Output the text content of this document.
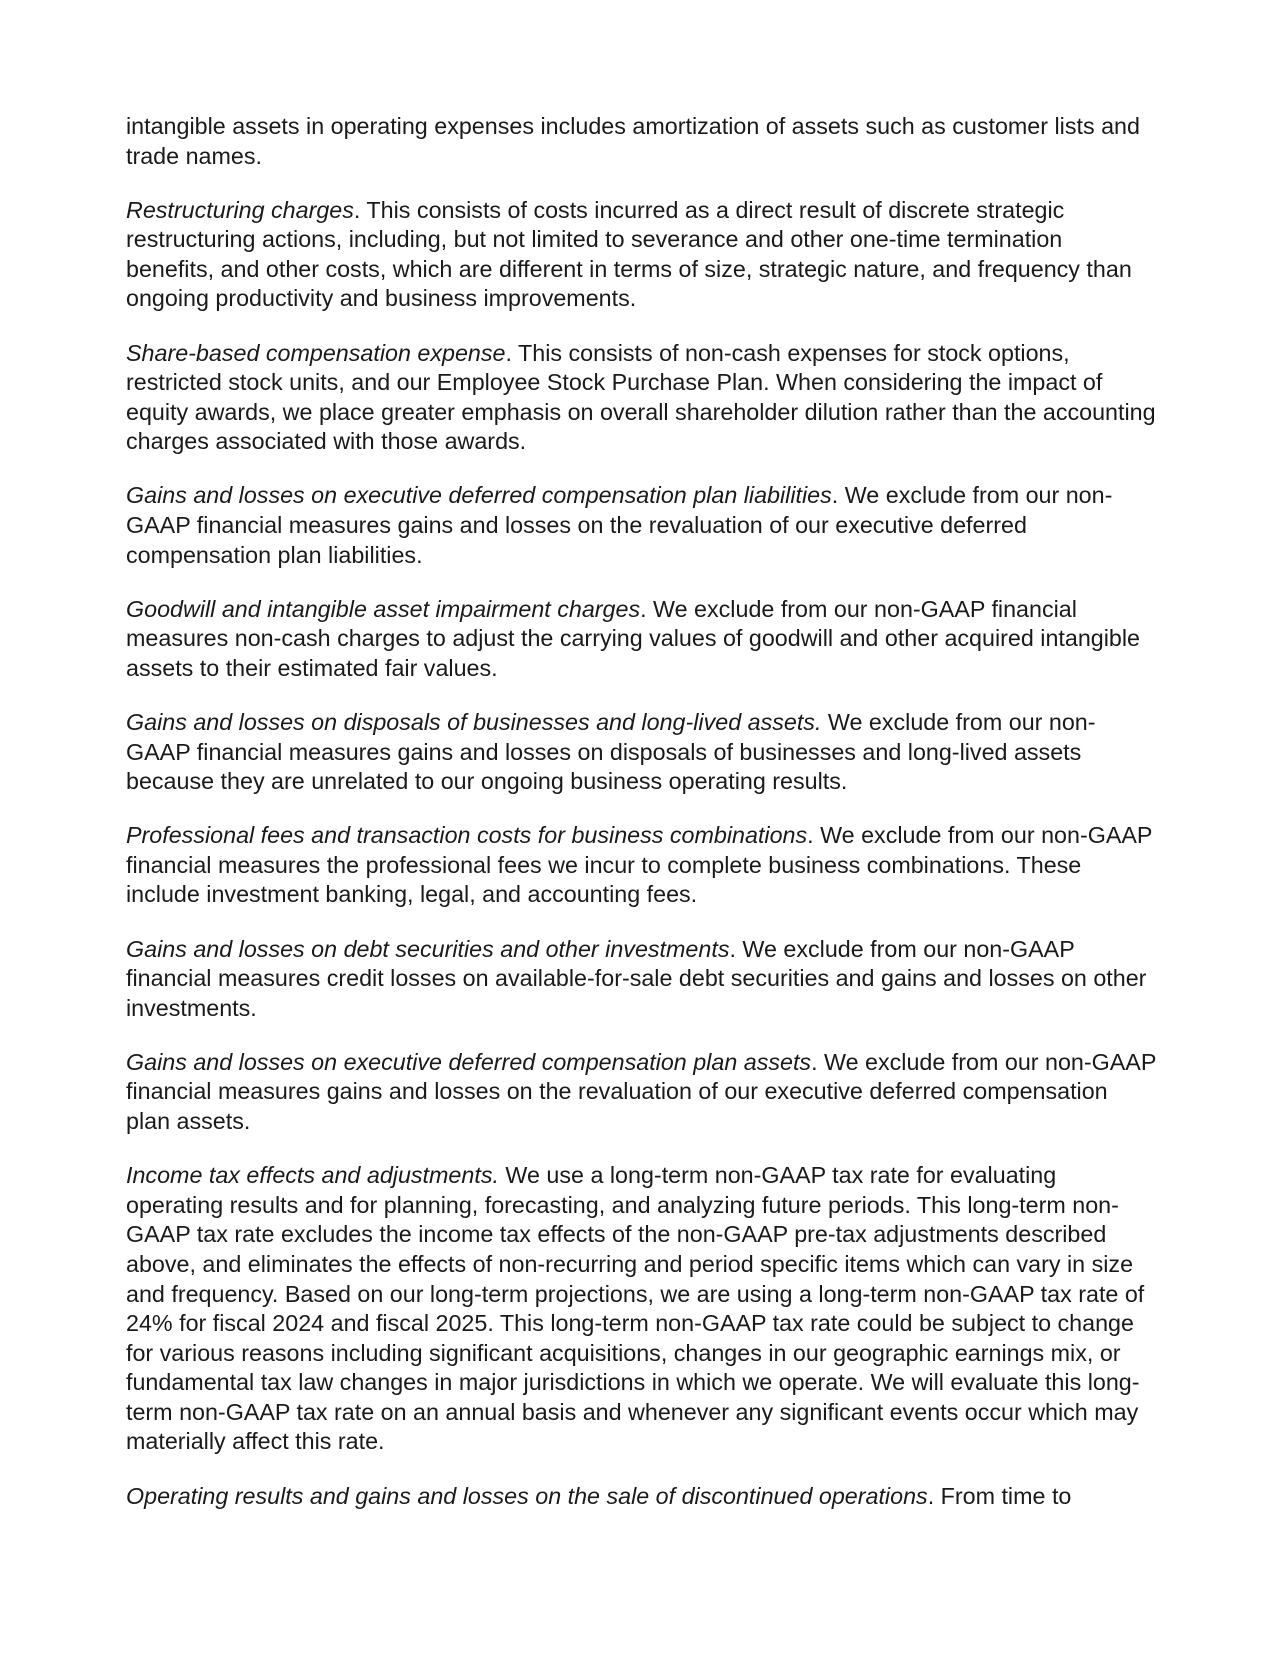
intangible assets in operating expenses includes amortization of assets such as customer lists and trade names.

Restructuring charges. This consists of costs incurred as a direct result of discrete strategic restructuring actions, including, but not limited to severance and other one-time termination benefits, and other costs, which are different in terms of size, strategic nature, and frequency than ongoing productivity and business improvements.

Share-based compensation expense. This consists of non-cash expenses for stock options, restricted stock units, and our Employee Stock Purchase Plan. When considering the impact of equity awards, we place greater emphasis on overall shareholder dilution rather than the accounting charges associated with those awards.

Gains and losses on executive deferred compensation plan liabilities. We exclude from our non-GAAP financial measures gains and losses on the revaluation of our executive deferred compensation plan liabilities.

Goodwill and intangible asset impairment charges. We exclude from our non-GAAP financial measures non-cash charges to adjust the carrying values of goodwill and other acquired intangible assets to their estimated fair values.

Gains and losses on disposals of businesses and long-lived assets. We exclude from our non-GAAP financial measures gains and losses on disposals of businesses and long-lived assets because they are unrelated to our ongoing business operating results.

Professional fees and transaction costs for business combinations. We exclude from our non-GAAP financial measures the professional fees we incur to complete business combinations. These include investment banking, legal, and accounting fees.

Gains and losses on debt securities and other investments. We exclude from our non-GAAP financial measures credit losses on available-for-sale debt securities and gains and losses on other investments.

Gains and losses on executive deferred compensation plan assets. We exclude from our non-GAAP financial measures gains and losses on the revaluation of our executive deferred compensation plan assets.

Income tax effects and adjustments. We use a long-term non-GAAP tax rate for evaluating operating results and for planning, forecasting, and analyzing future periods. This long-term non-GAAP tax rate excludes the income tax effects of the non-GAAP pre-tax adjustments described above, and eliminates the effects of non-recurring and period specific items which can vary in size and frequency. Based on our long-term projections, we are using a long-term non-GAAP tax rate of 24% for fiscal 2024 and fiscal 2025. This long-term non-GAAP tax rate could be subject to change for various reasons including significant acquisitions, changes in our geographic earnings mix, or fundamental tax law changes in major jurisdictions in which we operate. We will evaluate this long-term non-GAAP tax rate on an annual basis and whenever any significant events occur which may materially affect this rate.

Operating results and gains and losses on the sale of discontinued operations. From time to
